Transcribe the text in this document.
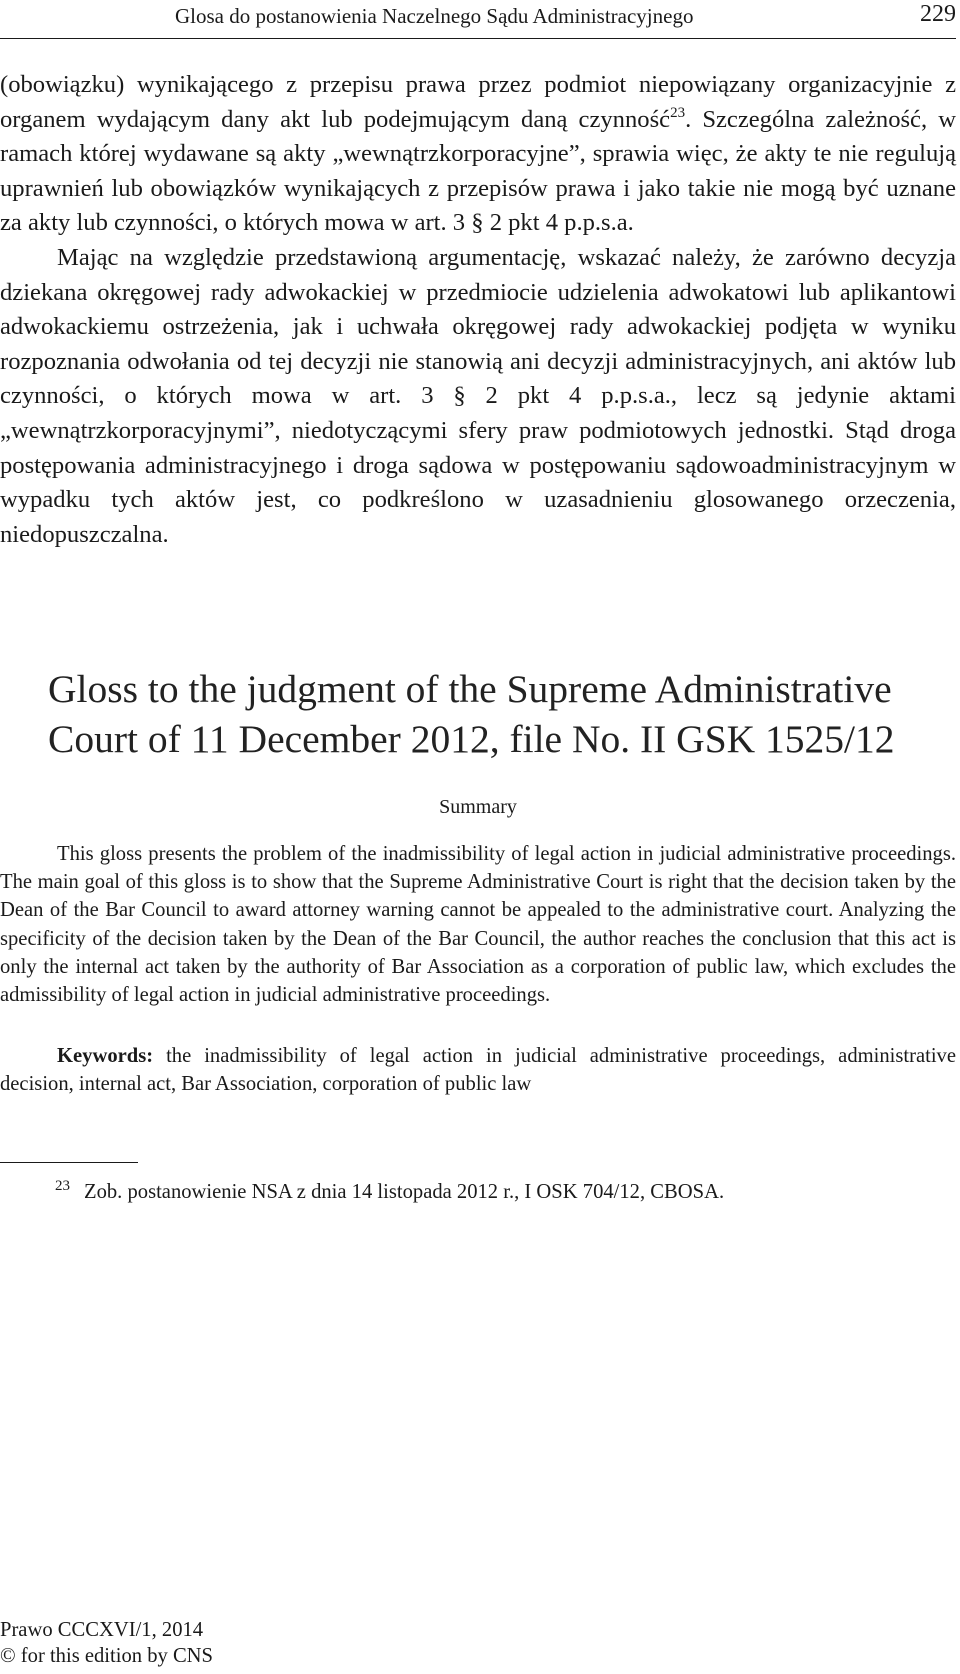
Glosa do postanowienia Naczelnego Sądu Administracyjnego	229

(obowiązku) wynikającego z przepisu prawa przez podmiot niepowiązany organizacyjnie z organem wydającym dany akt lub podejmującym daną czynność$^{23}$. Szczególna zależność, w ramach której wydawane są akty „wewnątrzkorporacyjne”, sprawia więc, że akty te nie regulują uprawnień lub obowiązków wynikających z przepisów prawa i jako takie nie mogą być uznane za akty lub czynności, o których mowa w art. 3 § 2 pkt 4 p.p.s.a.

Mając na względzie przedstawioną argumentację, wskazać należy, że zarówno decyzja dziekana okręgowej rady adwokackiej w przedmiocie udzielenia adwokatowi lub aplikantowi adwokackiemu ostrzeżenia, jak i uchwała okręgowej rady adwokackiej podjęta w wyniku rozpoznania odwołania od tej decyzji nie stanowią ani decyzji administracyjnych, ani aktów lub czynności, o których mowa w art. 3 § 2 pkt 4 p.p.s.a., lecz są jedynie aktami „wewnątrzkorporacyjnymi”, niedotyczącymi sfery praw podmiotowych jednostki. Stąd droga postępowania administracyjnego i droga sądowa w postępowaniu sądowoadministracyjnym w wypadku tych aktów jest, co podkreślono w uzasadnieniu glosowanego orzeczenia, niedopuszczalna.

Gloss to the judgment of the Supreme Administrative Court of 11 December 2012, file No. II GSK 1525/12
Summary

This gloss presents the problem of the inadmissibility of legal action in judicial administrative proceedings. The main goal of this gloss is to show that the Supreme Administrative Court is right that the decision taken by the Dean of the Bar Council to award attorney warning cannot be appealed to the administrative court. Analyzing the specificity of the decision taken by the Dean of the Bar Council, the author reaches the conclusion that this act is only the internal act taken by the authority of Bar Association as a corporation of public law, which excludes the admissibility of legal action in judicial administrative proceedings.

Keywords: the inadmissibility of legal action in judicial administrative proceedings, administrative decision, internal act, Bar Association, corporation of public law

23 Zob. postanowienie NSA z dnia 14 listopada 2012 r., I OSK 704/12, CBOSA.
Prawo CCCXVI/1, 2014
© for this edition by CNS
